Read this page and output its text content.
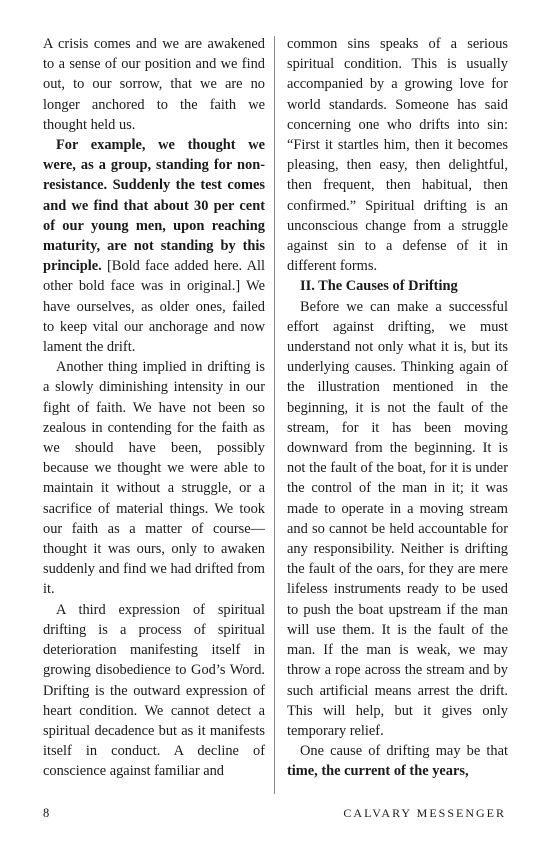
A crisis comes and we are awakened to a sense of our position and we find out, to our sorrow, that we are no longer anchored to the faith we thought held us.

For example, we thought we were, as a group, standing for non-resistance. Suddenly the test comes and we find that about 30 per cent of our young men, upon reaching maturity, are not standing by this principle. [Bold face added here. All other bold face was in original.] We have ourselves, as older ones, failed to keep vital our anchorage and now lament the drift.

Another thing implied in drifting is a slowly diminishing intensity in our fight of faith. We have not been so zealous in contending for the faith as we should have been, possibly because we thought we were able to maintain it without a struggle, or a sacrifice of material things. We took our faith as a matter of course—thought it was ours, only to awaken suddenly and find we had drifted from it.

A third expression of spiritual drifting is a process of spiritual deterioration manifesting itself in growing disobedience to God’s Word. Drifting is the outward expression of heart condition. We cannot detect a spiritual decadence but as it manifests itself in conduct. A decline of conscience against familiar and

common sins speaks of a serious spiritual condition. This is usually accompanied by a growing love for world standards. Someone has said concerning one who drifts into sin: “First it startles him, then it becomes pleasing, then easy, then delightful, then frequent, then habitual, then confirmed.” Spiritual drifting is an unconscious change from a struggle against sin to a defense of it in different forms.

II. The Causes of Drifting

Before we can make a successful effort against drifting, we must understand not only what it is, but its underlying causes. Thinking again of the illustration mentioned in the beginning, it is not the fault of the stream, for it has been moving downward from the beginning. It is not the fault of the boat, for it is under the control of the man in it; it was made to operate in a moving stream and so cannot be held accountable for any responsibility. Neither is drifting the fault of the oars, for they are mere lifeless instruments ready to be used to push the boat upstream if the man will use them. It is the fault of the man. If the man is weak, we may throw a rope across the stream and by such artificial means arrest the drift. This will help, but it gives only temporary relief.

One cause of drifting may be that time, the current of the years,

8	CALVARY MESSENGER
